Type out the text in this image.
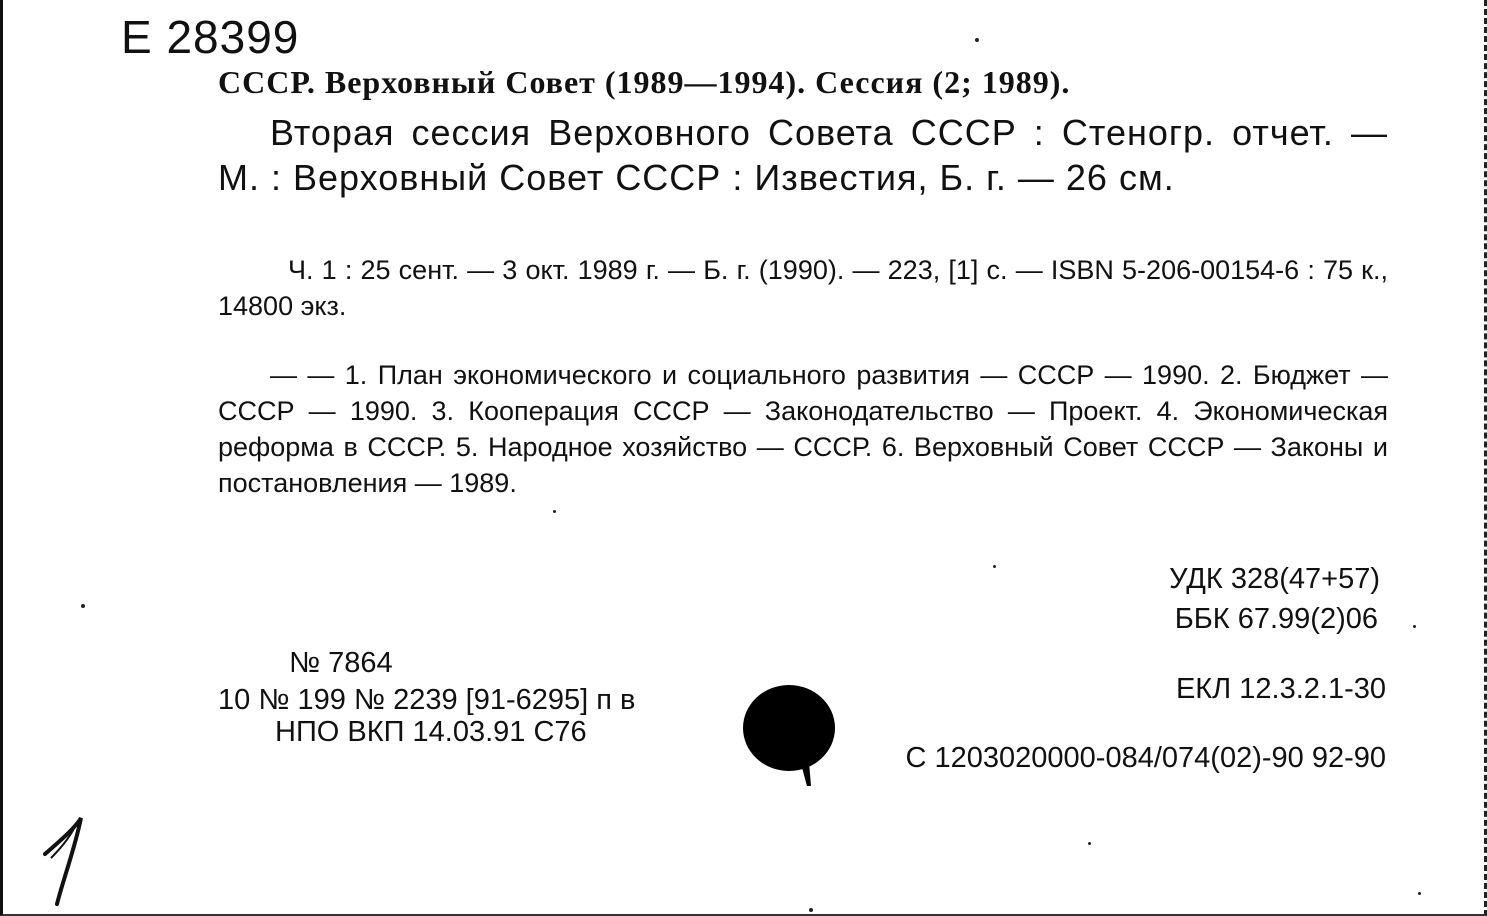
Е 28399
СССР. Верховный Совет (1989—1994). Сессия (2; 1989).
Вторая сессия Верховного Совета СССР : Стеногр. отчет. — М. : Верховный Совет СССР : Известия, Б. г. — 26 см.
Ч. 1 : 25 сент. — 3 окт. 1989 г. — Б. г. (1990). — 223, [1] с. — ISBN 5-206-00154-6 : 75 к., 14800 экз.
— — 1. План экономического и социального развития — СССР — 1990. 2. Бюджет — СССР — 1990. 3. Кооперация СССР — Законодательство — Проект. 4. Экономическая реформа в СССР. 5. Народное хозяйство — СССР. 6. Верховный Совет СССР — Законы и постановления — 1989.
УДК 328(47+57)
ББК 67.99(2)06
№ 7864
10 № 199 № 2239 [91-6295] п в
НПО ВКП 14.03.91 С76
ЕКЛ 12.3.2.1-30
С 1203020000-084/074(02)-90 92-90
